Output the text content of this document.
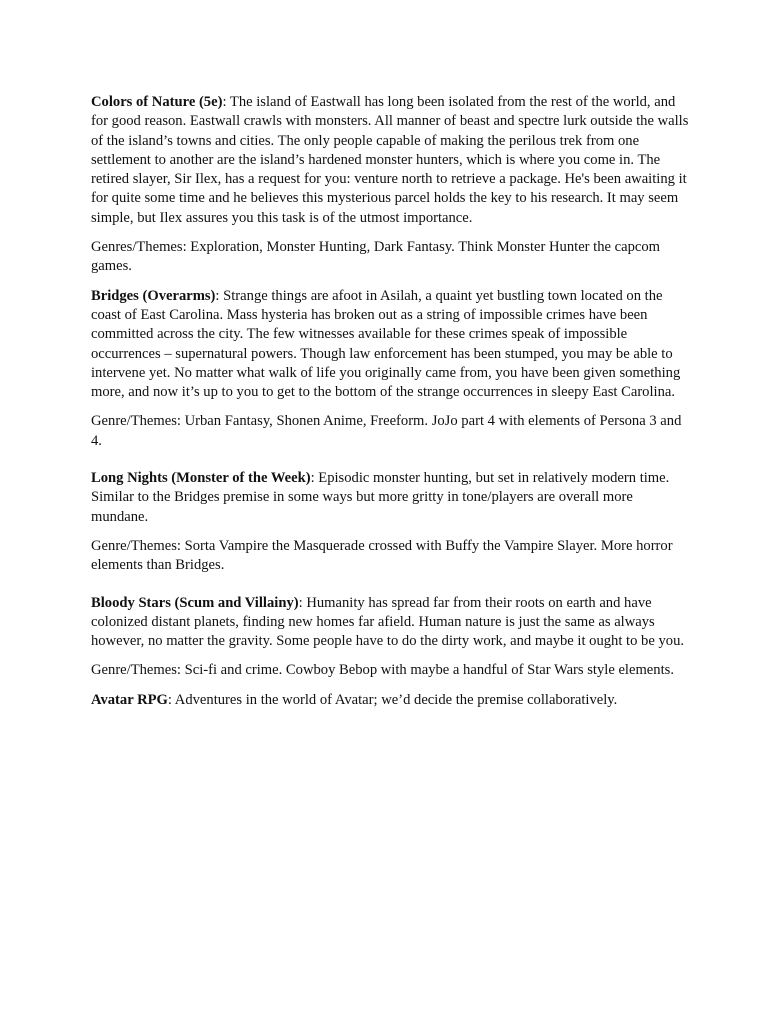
Colors of Nature (5e): The island of Eastwall has long been isolated from the rest of the world, and for good reason. Eastwall crawls with monsters. All manner of beast and spectre lurk outside the walls of the island’s towns and cities. The only people capable of making the perilous trek from one settlement to another are the island’s hardened monster hunters, which is where you come in. The retired slayer, Sir Ilex, has a request for you: venture north to retrieve a package. He's been awaiting it for quite some time and he believes this mysterious parcel holds the key to his research. It may seem simple, but Ilex assures you this task is of the utmost importance.

Genres/Themes: Exploration, Monster Hunting, Dark Fantasy. Think Monster Hunter the capcom games.

Bridges (Overarms): Strange things are afoot in Asilah, a quaint yet bustling town located on the coast of East Carolina. Mass hysteria has broken out as a string of impossible crimes have been committed across the city. The few witnesses available for these crimes speak of impossible occurrences – supernatural powers. Though law enforcement has been stumped, you may be able to intervene yet. No matter what walk of life you originally came from, you have been given something more, and now it’s up to you to get to the bottom of the strange occurrences in sleepy East Carolina.

Genre/Themes: Urban Fantasy, Shonen Anime, Freeform. JoJo part 4 with elements of Persona 3 and 4.

Long Nights (Monster of the Week): Episodic monster hunting, but set in relatively modern time. Similar to the Bridges premise in some ways but more gritty in tone/players are overall more mundane.

Genre/Themes: Sorta Vampire the Masquerade crossed with Buffy the Vampire Slayer. More horror elements than Bridges.

Bloody Stars (Scum and Villainy): Humanity has spread far from their roots on earth and have colonized distant planets, finding new homes far afield. Human nature is just the same as always however, no matter the gravity. Some people have to do the dirty work, and maybe it ought to be you.

Genre/Themes: Sci-fi and crime. Cowboy Bebop with maybe a handful of Star Wars style elements.

Avatar RPG: Adventures in the world of Avatar; we’d decide the premise collaboratively.
